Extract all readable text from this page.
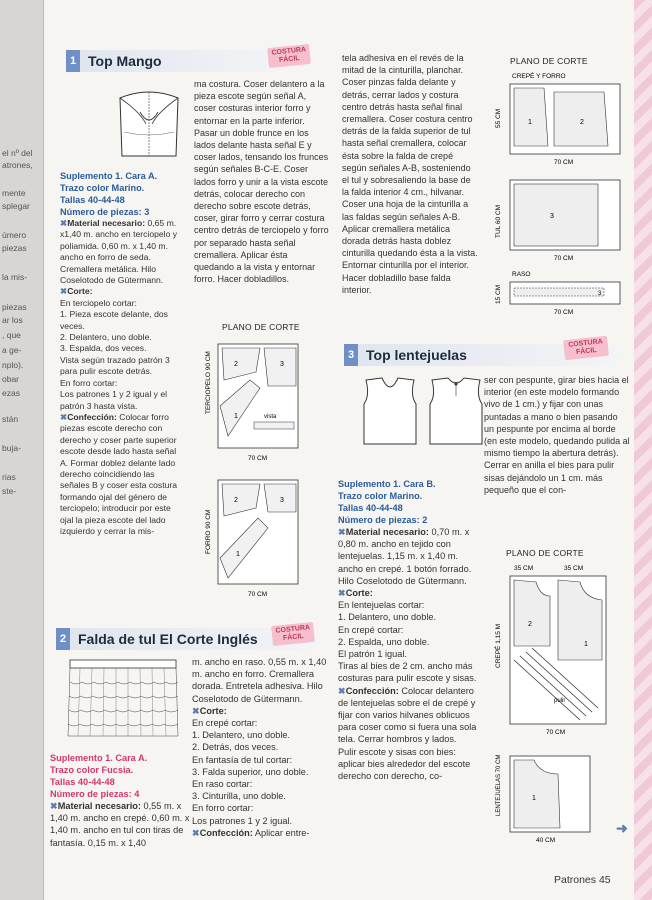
el nº del
atrones,
mente
splegar
úmero
piezas
la mis-
piezas
ar los
, que
a ge-
nplo).
obar
ezas
stán
buja-
rias
ste-
1 Top Mango
COSTURA FÁCIL

Suplemento 1. Cara A.

Trazo color Marino.

Tallas 40-44-48

Número de piezas: 3

✖Material necesario: 0,65 m. x1,40 m. ancho en terciopelo y poliamida. 0,60 m. x 1,40 m. ancho en forro de seda. Cremallera metálica. Hilo Coselotodo de Gütermann.

✖Corte:

En terciopelo cortar:

1. Pieza escote delante, dos veces.

2. Delantero, uno doble.

3. Espalda, dos veces.

Vista según trazado patrón 3 para pulir escote detrás.

En forro cortar:

Los patrones 1 y 2 igual y el patrón 3 hasta vista.

✖Confección: Colocar forro piezas escote derecho con derecho y coser parte superior escote desde lado hasta señal A. Formar doblez delante lado derecho coincidiendo las señales B y coser esta costura formando ojal del género de terciopelo; introducir por este ojal la pieza escote del lado izquierdo y cerrar la mis-

ma costura. Coser delantero a la pieza escote según señal A, coser costuras interior forro y entornar en la parte inferior. Pasar un doble frunce en los lados delante hasta señal E y coser lados, tensando los frunces según señales B-C-E. Coser lados forro y unir a la vista escote detrás, colocar derecho con derecho sobre escote detrás, coser, girar forro y cerrar costura centro detrás de terciopelo y forro por separado hasta señal cremallera. Aplicar ésta quedando a la vista y entornar forro. Hacer dobladillos.
PLANO DE CORTE
TERCIOPELO 90 CM
70 CM
2	3
1	vista
FORRO 90 CM
70 CM
2	3
1
tela adhesiva en el revés de la mitad de la cinturilla, planchar. Coser pinzas falda delante y detrás, cerrar lados y costura centro detrás hasta señal final cremallera. Coser costura centro detrás de la falda superior de tul hasta señal cremallera, colocar ésta sobre la falda de crepé según señales A-B, sosteniendo el tul y sobresaliendo la base de la falda interior 4 cm., hilvanar. Coser una hoja de la cinturilla a las faldas según señales A-B. Aplicar cremallera metálica dorada detrás hasta doblez cinturilla quedando ésta a la vista. Entornar cinturilla por el interior. Hacer dobladillo base falda interior.
PLANO DE CORTE
CREPÉ Y FORRO
55 CM
70 CM
1	2
TUL 60 CM
70 CM
3
RASO
15 CM
70 CM
3
3 Top lentejuelas
COSTURA FÁCIL

Suplemento 1. Cara B.

Trazo color Marino.

Tallas 40-44-48

Número de piezas: 2

✖Material necesario: 0,70 m. x 0,80 m. ancho en tejido con lentejuelas. 1,15 m. x 1,40 m. ancho en crepé. 1 botón forrado. Hilo Coselotodo de Gütermann.

✖Corte:

En lentejuelas cortar:

1. Delantero, uno doble.

En crepé cortar:

2. Espalda, uno doble.

El patrón 1 igual.

Tiras al bies de 2 cm. ancho más costuras para pulir escote y sisas.

✖Confección: Colocar delantero de lentejuelas sobre el de crepé y fijar con varios hilvanes oblicuos para coser como si fuera una sola tela. Cerrar hombros y lados.

Pulir escote y sisas con bies: aplicar bies alrededor del escote derecho con derecho, co-

ser con pespunte, girar bies hacia el interior (en este modelo formando vivo de 1 cm.) y fijar con unas puntadas a mano o bien pasando un pespunte por encima al borde (en este modelo, quedando pulida al mismo tiempo la abertura detrás). Cerrar en anilla el bies para pulir sisas dejándolo un 1 cm. más pequeño que el con-
PLANO DE CORTE
35 CM	35 CM
CREPÉ 1,15 M
70 CM
pulir
2
1
LENTEJUELAS 70 CM
40 CM
1
2 Falda de tul El Corte Inglés
COSTURA FÁCIL

Suplemento 1. Cara A.

Trazo color Fucsia.

Tallas 40-44-48

Número de piezas: 4

✖Material necesario: 0,55 m. x 1,40 m. ancho en crepé. 0,60 m. x 1,40 m. ancho en tul con tiras de fantasía. 0,15 m. x 1,40

m. ancho en raso. 0,55 m. x 1,40 m. ancho en forro. Cremallera dorada. Entretela adhesiva. Hilo Coselotodo de Gütermann.

✖Corte:

En crepé cortar:

1. Delantero, uno doble.

2. Detrás, dos veces.

En fantasía de tul cortar:

3. Falda superior, uno doble.

En raso cortar:

3. Cinturilla, uno doble.

En forro cortar:

Los patrones 1 y 2 igual.

✖Confección: Aplicar entre-	➜
Patrones 45
